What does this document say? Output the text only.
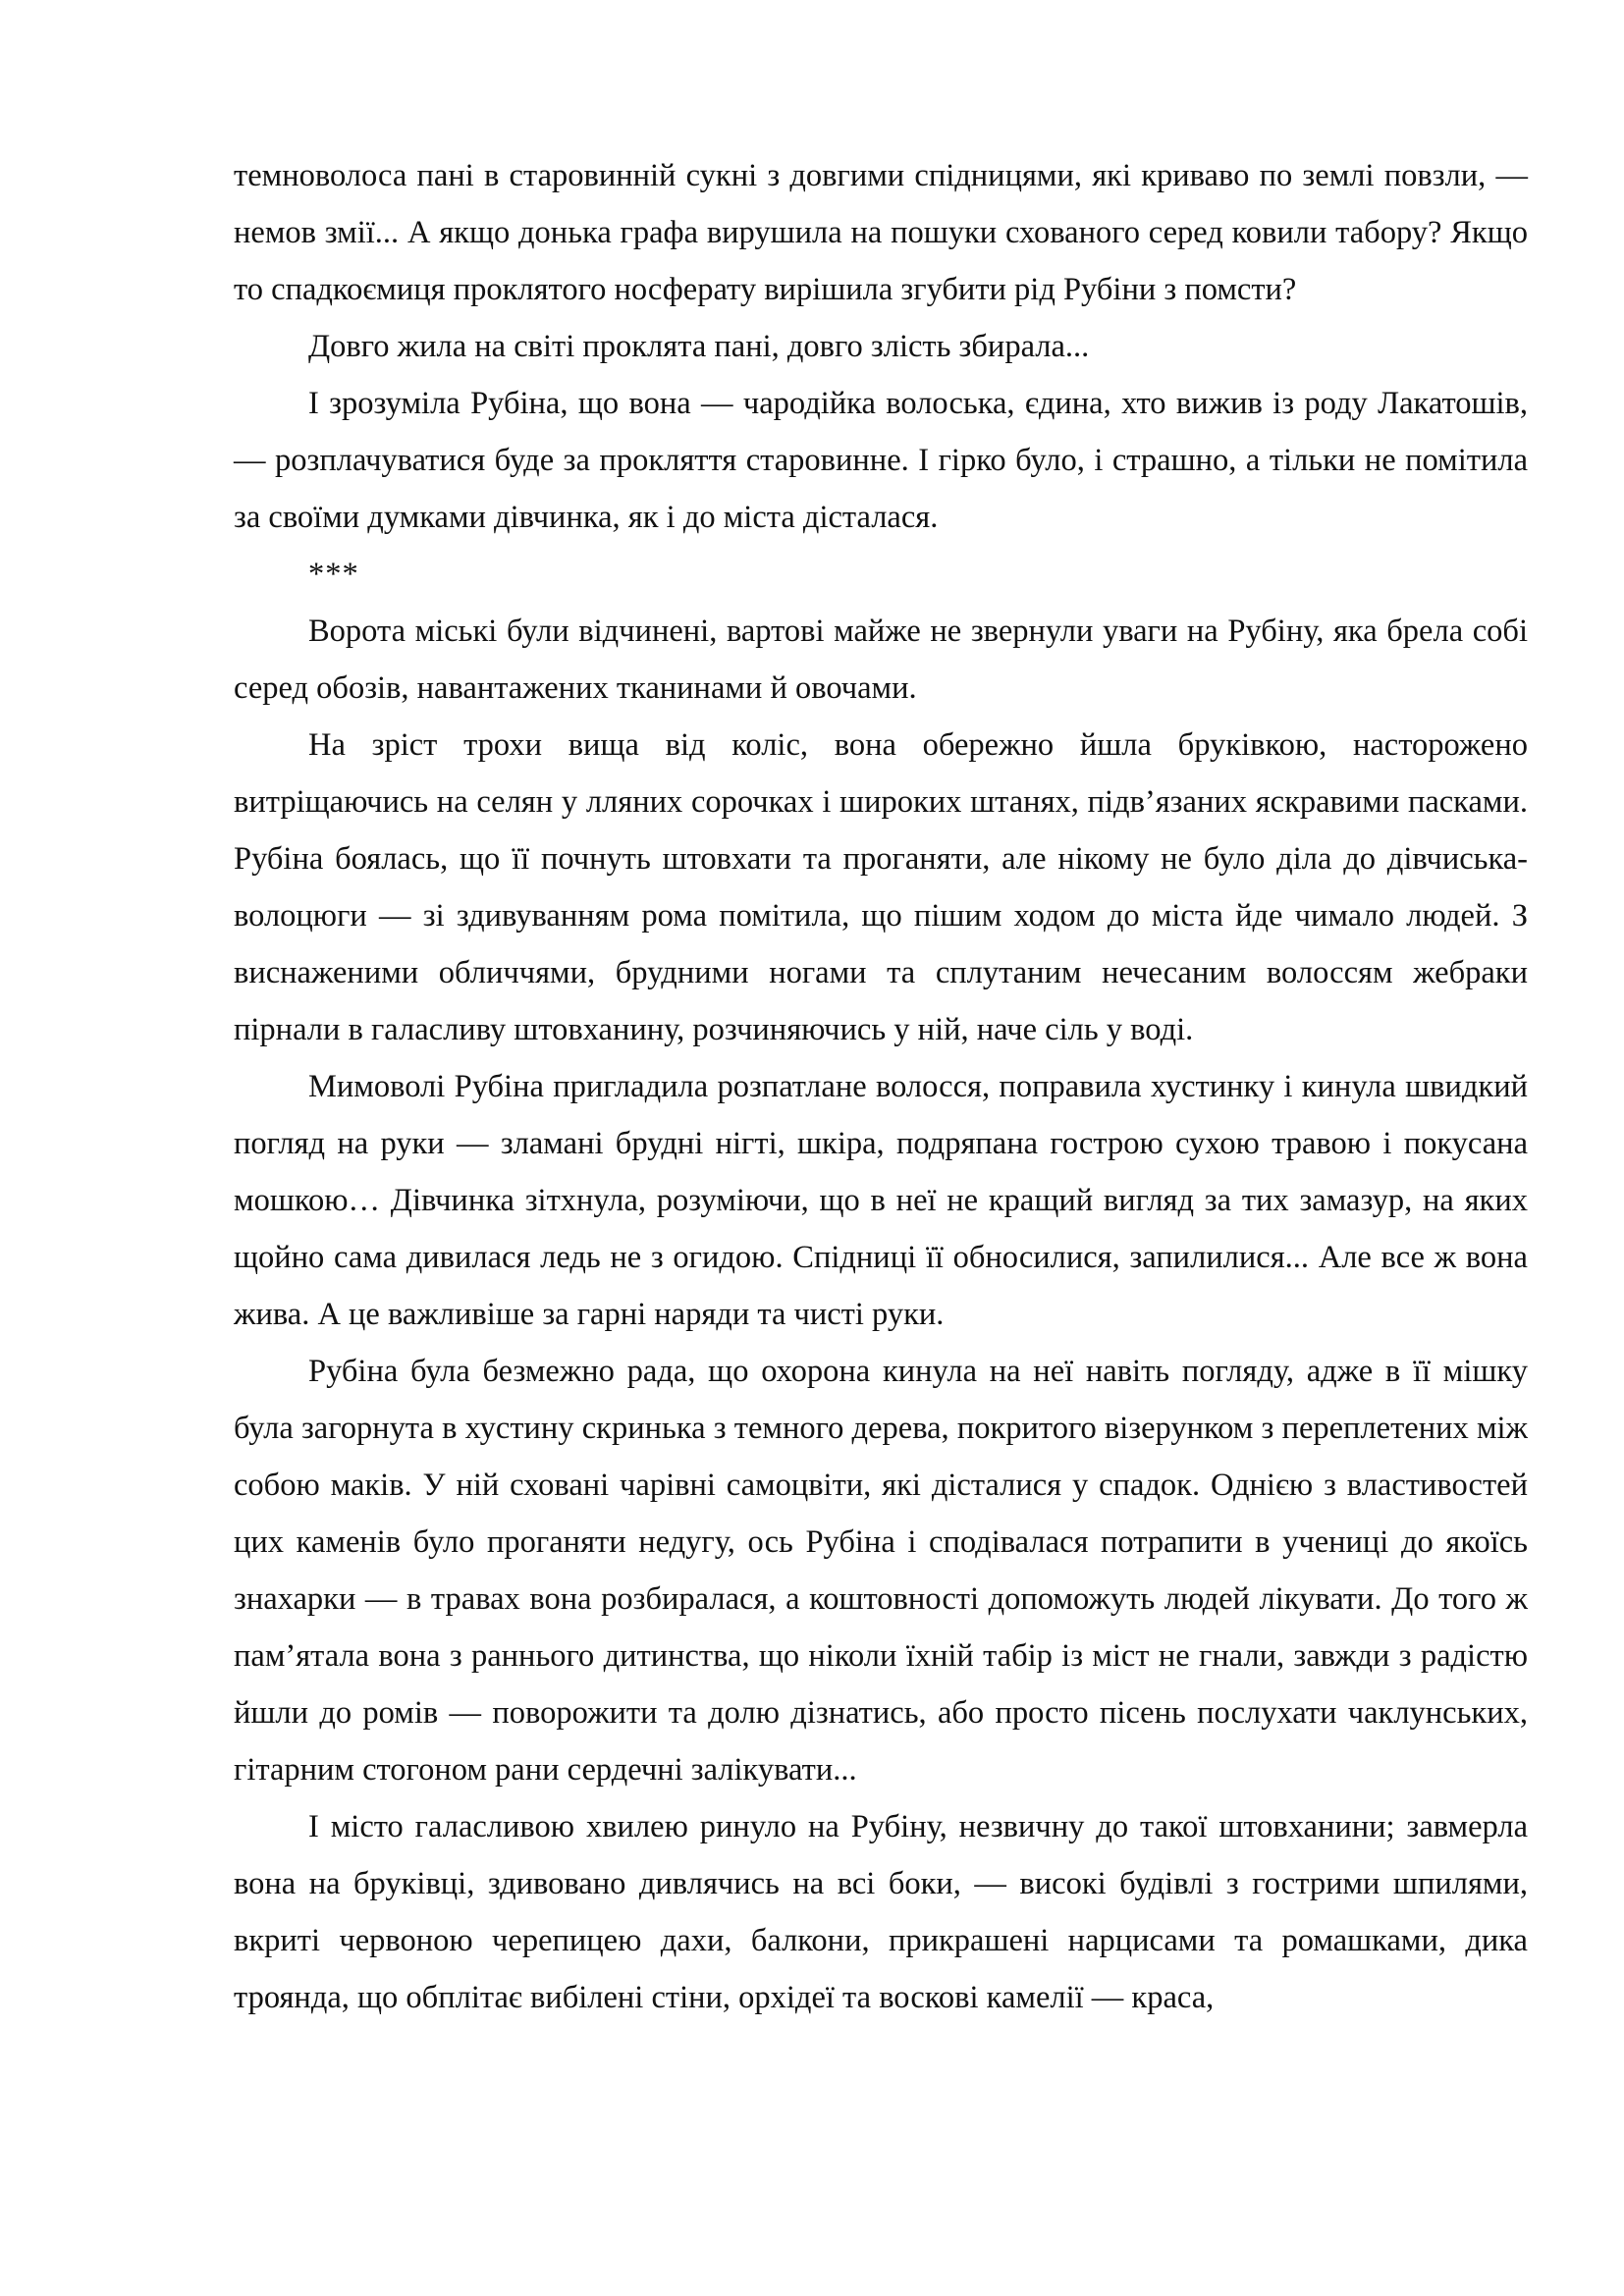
темноволоса пані в старовинній сукні з довгими спідницями, які криваво по землі повзли, — немов змії... А якщо донька графа вирушила на пошуки схованого серед ковили табору? Якщо то спадкоємиця проклятого носферату вирішила згубити рід Рубіни з помсти?

Довго жила на світі проклята пані, довго злість збирала...

І зрозуміла Рубіна, що вона — чародійка волоська, єдина, хто вижив із роду Лакатошів, — розплачуватися буде за прокляття старовинне. І гірко було, і страшно, а тільки не помітила за своїми думками дівчинка, як і до міста дісталася.

***

Ворота міські були відчинені, вартові майже не звернули уваги на Рубіну, яка брела собі серед обозів, навантажених тканинами й овочами.

На зріст трохи вища від коліс, вона обережно йшла бруківкою, насторожено витріщаючись на селян у лляних сорочках і широких штанях, підв’язаних яскравими пасками. Рубіна боялась, що її почнуть штовхати та проганяти, але нікому не було діла до дівчиська-волоцюги — зі здивуванням рома помітила, що пішим ходом до міста йде чимало людей. З виснаженими обличчями, брудними ногами та сплутаним нечесаним волоссям жебраки пірнали в галасливу штовханину, розчиняючись у ній, наче сіль у воді.

Мимоволі Рубіна пригладила розпатлане волосся, поправила хустинку і кинула швидкий погляд на руки — зламані брудні нігті, шкіра, подряпана гострою сухою травою і покусана мошкою… Дівчинка зітхнула, розуміючи, що в неї не кращий вигляд за тих замазур, на яких щойно сама дивилася ледь не з огидою. Спідниці її обносилися, запилилися... Але все ж вона жива. А це важливіше за гарні наряди та чисті руки.

Рубіна була безмежно рада, що охорона кинула на неї навіть погляду, адже в її мішку була загорнута в хустину скринька з темного дерева, покритого візерунком з переплетених між собою маків. У ній сховані чарівні самоцвіти, які дісталися у спадок. Однією з властивостей цих каменів було проганяти недугу, ось Рубіна і сподівалася потрапити в учениці до якоїсь знахарки — в травах вона розбиралася, а коштовності допоможуть людей лікувати. До того ж пам’ятала вона з раннього дитинства, що ніколи їхній табір із міст не гнали, завжди з радістю йшли до ромів — поворожити та долю дізнатись, або просто пісень послухати чаклунських, гітарним стогоном рани сердечні залікувати...

І місто галасливою хвилею ринуло на Рубіну, незвичну до такої штовханини; завмерла вона на бруківці, здивовано дивлячись на всі боки, — високі будівлі з гострими шпилями, вкриті червоною черепицею дахи, балкони, прикрашені нарцисами та ромашками, дика троянда, що обплітає вибілені стіни, орхідеї та воскові камелії — краса,
